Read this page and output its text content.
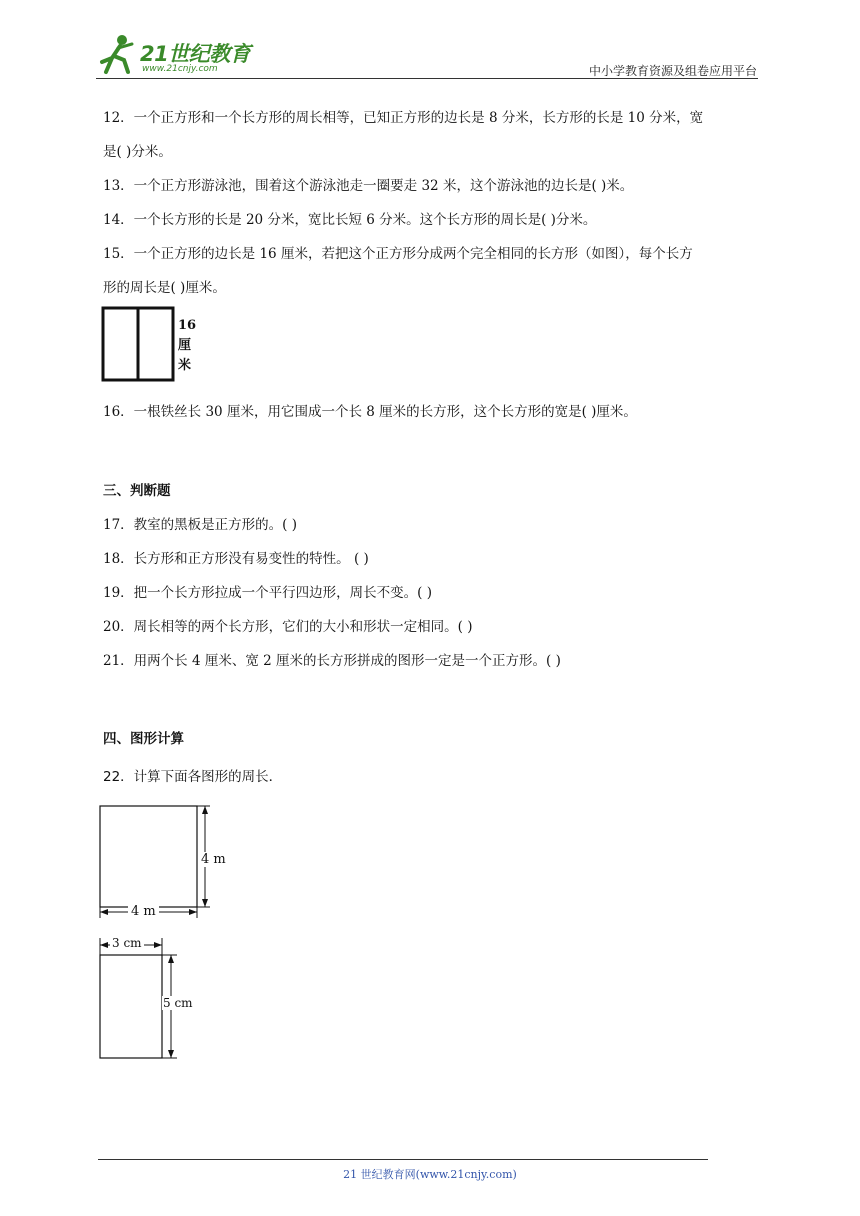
21世纪教育
www.21cnjy.com	中小学教育资源及组卷应用平台
12．一个正方形和一个长方形的周长相等，已知正方形的边长是 8 分米，长方形的长是 10 分米，宽
是( )分米。
13．一个正方形游泳池，围着这个游泳池走一圈要走 32 米，这个游泳池的边长是( )米。
14．一个长方形的长是 20 分米，宽比长短 6 分米。这个长方形的周长是( )分米。
15．一个正方形的边长是 16 厘米，若把这个正方形分成两个完全相同的长方形（如图），每个长方
形的周长是( )厘米。
16
厘
米
16．一根铁丝长 30 厘米，用它围成一个长 8 厘米的长方形，这个长方形的宽是( )厘米。
三、判断题
17．教室的黑板是正方形的。( )
18．长方形和正方形没有易变性的特性。 ( )
19．把一个长方形拉成一个平行四边形，周长不变。( )
20．周长相等的两个长方形，它们的大小和形状一定相同。( )
21．用两个长 4 厘米、宽 2 厘米的长方形拼成的图形一定是一个正方形。( )
四、图形计算
22．计算下面各图形的周长．
4 m
4 m
3 cm
5 cm
21 世纪教育网(www.21cnjy.com)
